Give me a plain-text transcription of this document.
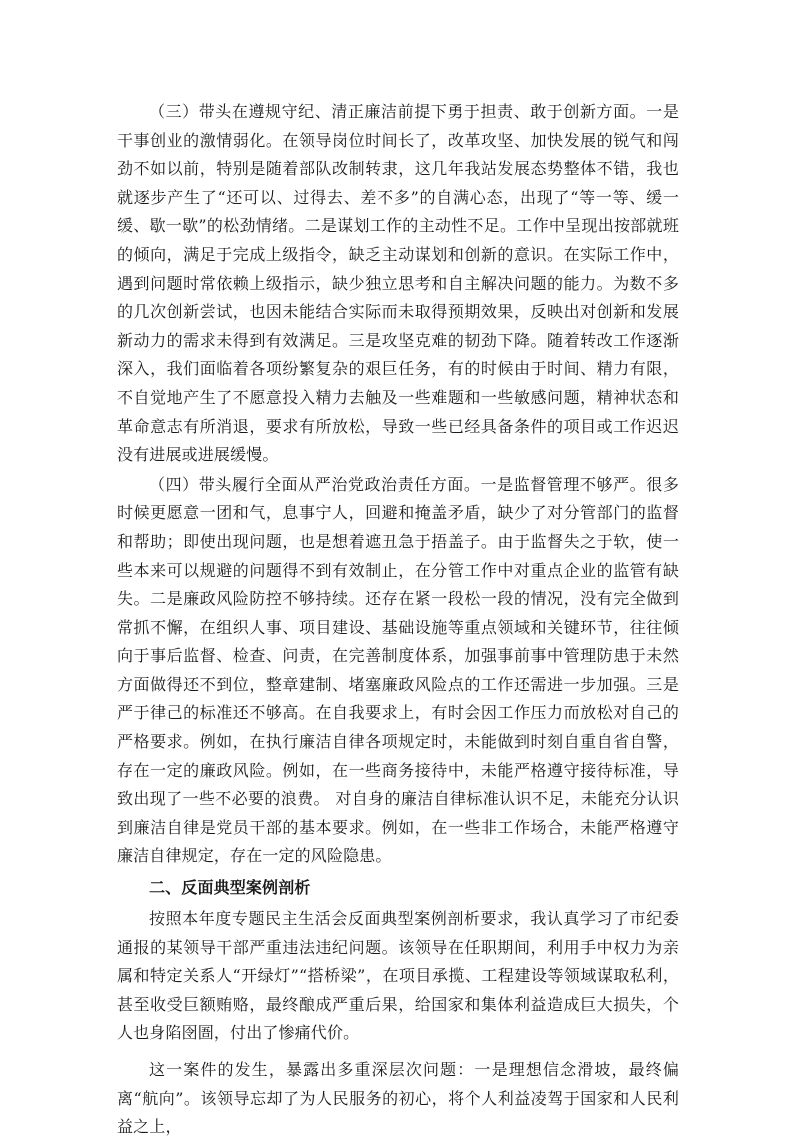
（三）带头在遵规守纪、清正廉洁前提下勇于担责、敢于创新方面。一是干事创业的激情弱化。在领导岗位时间长了，改革攻坚、加快发展的锐气和闯劲不如以前，特别是随着部队改制转隶，这几年我站发展态势整体不错，我也就逐步产生了“还可以、过得去、差不多”的自满心态，出现了“等一等、缓一缓、歇一歇”的松劲情绪。二是谋划工作的主动性不足。工作中呈现出按部就班的倾向，满足于完成上级指令，缺乏主动谋划和创新的意识。在实际工作中，遇到问题时常依赖上级指示，缺少独立思考和自主解决问题的能力。为数不多的几次创新尝试，也因未能结合实际而未取得预期效果，反映出对创新和发展新动力的需求未得到有效满足。三是攻坚克难的韧劲下降。随着转改工作逐渐深入，我们面临着各项纷繁复杂的艰巨任务，有的时候由于时间、精力有限，不自觉地产生了不愿意投入精力去触及一些难题和一些敏感问题，精神状态和革命意志有所消退，要求有所放松，导致一些已经具备条件的项目或工作迟迟没有进展或进展缓慢。

（四）带头履行全面从严治党政治责任方面。一是监督管理不够严。很多时候更愿意一团和气，息事宁人，回避和掩盖矛盾，缺少了对分管部门的监督和帮助；即使出现问题，也是想着遮丑急于捂盖子。由于监督失之于软，使一些本来可以规避的问题得不到有效制止，在分管工作中对重点企业的监管有缺失。二是廉政风险防控不够持续。还存在紧一段松一段的情况，没有完全做到常抓不懈，在组织人事、项目建设、基础设施等重点领域和关键环节，往往倾向于事后监督、检查、问责，在完善制度体系，加强事前事中管理防患于未然方面做得还不到位，整章建制、堵塞廉政风险点的工作还需进一步加强。三是严于律己的标准还不够高。在自我要求上，有时会因工作压力而放松对自己的严格要求。例如，在执行廉洁自律各项规定时，未能做到时刻自重自省自警，存在一定的廉政风险。例如，在一些商务接待中，未能严格遵守接待标准，导致出现了一些不必要的浪费。 对自身的廉洁自律标准认识不足，未能充分认识到廉洁自律是党员干部的基本要求。例如，在一些非工作场合，未能严格遵守廉洁自律规定，存在一定的风险隐患。

二、反面典型案例剖析

按照本年度专题民主生活会反面典型案例剖析要求，我认真学习了市纪委通报的某领导干部严重违法违纪问题。该领导在任职期间，利用手中权力为亲属和特定关系人“开绿灯”“搭桥梁”，在项目承揽、工程建设等领域谋取私利，甚至收受巨额贿赂，最终酿成严重后果，给国家和集体利益造成巨大损失，个人也身陷囹圄，付出了惨痛代价。

这一案件的发生，暴露出多重深层次问题：一是理想信念滑坡，最终偏离“航向”。该领导忘却了为人民服务的初心，将个人利益凌驾于国家和人民利益之上，
